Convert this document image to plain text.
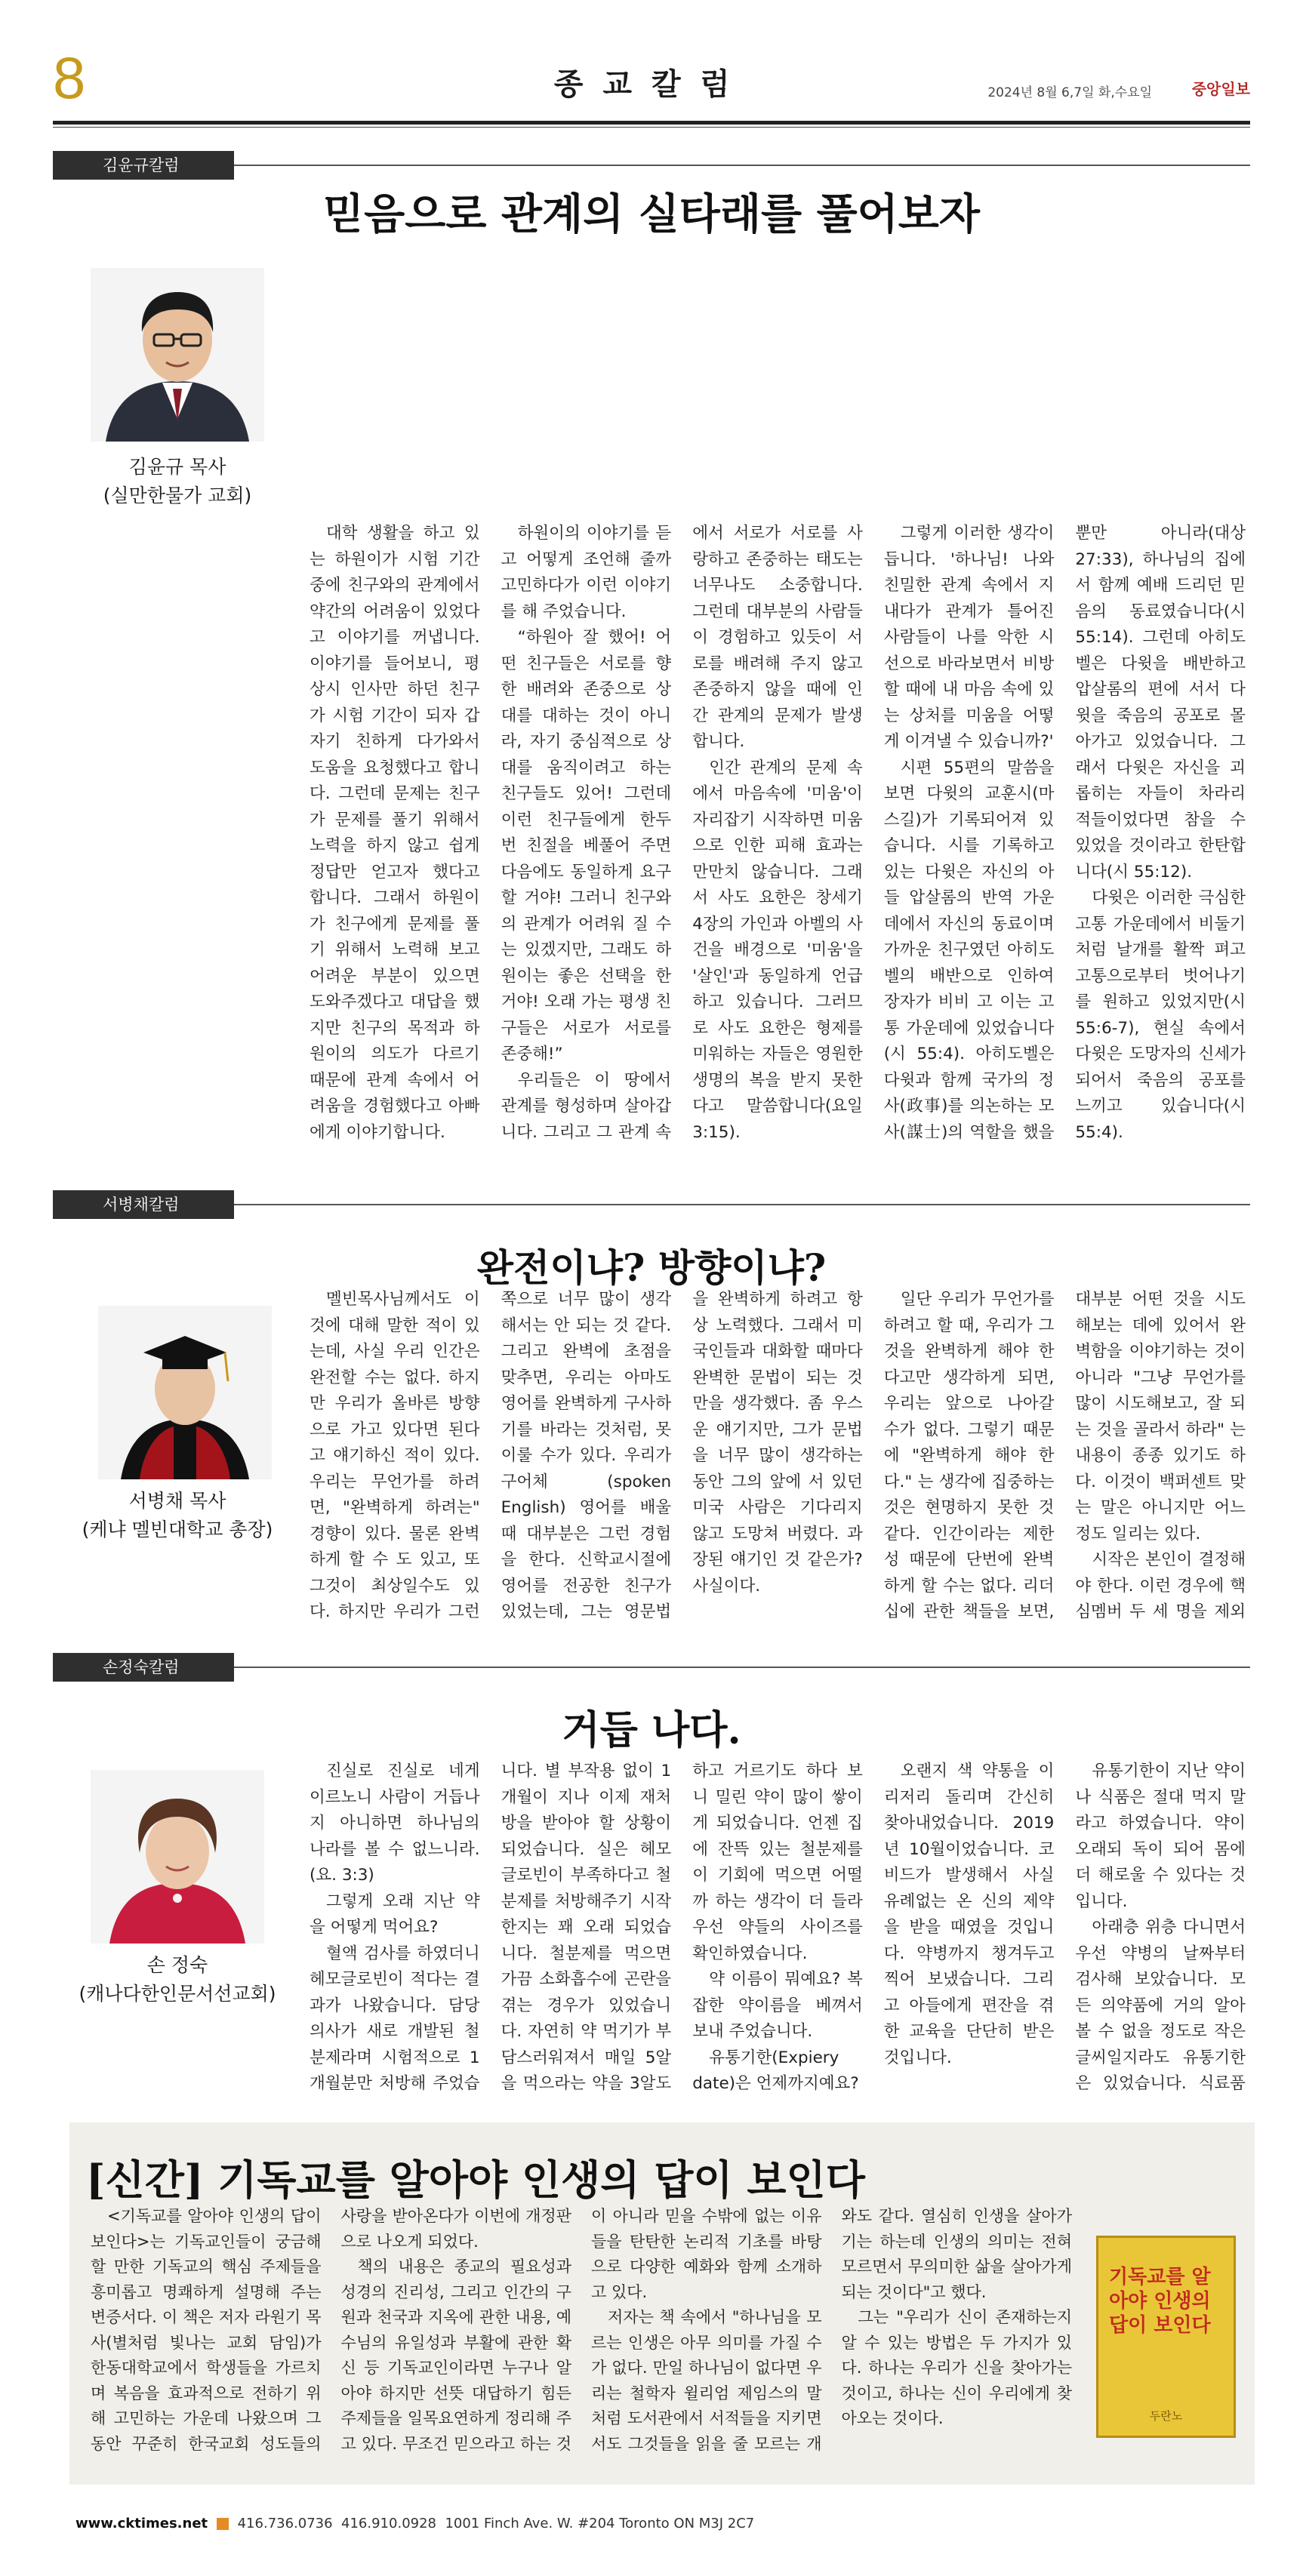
8	종교칼럼	2024년 8월 6,7일 화,수요일	중앙일보
김윤규칼럼
믿음으로 관계의 실타래를 풀어보자
김윤규 목사
(실만한물가 교회)

대학 생활을 하고 있는 하원이가 시험 기간 중에 친구와의 관계에서 약간의 어려움이 있었다고 이야기를 꺼냅니다. 이야기를 들어보니, 평상시 인사만 하던 친구가 시험 기간이 되자 갑자기 친하게 다가와서 도움을 요청했다고 합니다. 그런데 문제는 친구가 문제를 풀기 위해서 노력을 하지 않고 쉽게 정답만 얻고자 했다고 합니다. 그래서 하원이가 친구에게 문제를 풀기 위해서 노력해 보고 어려운 부분이 있으면 도와주겠다고 대답을 했지만 친구의 목적과 하원이의 의도가 다르기 때문에 관계 속에서 어려움을 경험했다고 아빠에게 이야기합니다.

하원이의 이야기를 듣고 어떻게 조언해 줄까 고민하다가 이런 이야기를 해 주었습니다.

“하원아 잘 했어! 어떤 친구들은 서로를 향한 배려와 존중으로 상대를 대하는 것이 아니라, 자기 중심적으로 상대를 움직이려고 하는 친구들도 있어! 그런데 이런 친구들에게 한두 번 친절을 베풀어 주면 다음에도 동일하게 요구할 거야! 그러니 친구와의 관계가 어려워 질 수는 있겠지만, 그래도 하원이는 좋은 선택을 한 거야! 오래 가는 평생 친구들은 서로가 서로를 존중해!”

우리들은 이 땅에서 관계를 형성하며 살아갑니다. 그리고 그 관계 속에서 서로가 서로를 사랑하고 존중하는 태도는 너무나도 소중합니다. 그런데 대부분의 사람들이 경험하고 있듯이 서로를 배려해 주지 않고 존중하지 않을 때에 인간 관계의 문제가 발생합니다.

인간 관계의 문제 속에서 마음속에 '미움'이 자리잡기 시작하면 미움으로 인한 피해 효과는 만만치 않습니다. 그래서 사도 요한은 창세기 4장의 가인과 아벨의 사건을 배경으로 '미움'을 '살인'과 동일하게 언급하고 있습니다. 그러므로 사도 요한은 형제를 미워하는 자들은 영원한 생명의 복을 받지 못한다고 말씀합니다(요일 3:15).

그렇게 이러한 생각이 듭니다. '하나님! 나와 친밀한 관계 속에서 지내다가 관계가 틀어진 사람들이 나를 악한 시선으로 바라보면서 비방할 때에 내 마음 속에 있는 상처를 미움을 어떻게 이겨낼 수 있습니까?'

시편 55편의 말씀을 보면 다윗의 교훈시(마스길)가 기록되어져 있습니다. 시를 기록하고 있는 다윗은 자신의 아들 압살롬의 반역 가운데에서 자신의 동료이며 가까운 친구였던 아히도벨의 배반으로 인하여 장자가 비비 고 이는 고통 가운데에 있었습니다(시 55:4). 아히도벨은 다윗과 함께 국가의 정사(政事)를 의논하는 모사(謀士)의 역할을 했을 뿐만 아니라(대상 27:33), 하나님의 집에서 함께 예배 드리던 믿음의 동료였습니다(시 55:14). 그런데 아히도벨은 다윗을 배반하고 압살롬의 편에 서서 다윗을 죽음의 공포로 몰아가고 있었습니다. 그래서 다윗은 자신을 괴롭히는 자들이 차라리 적들이었다면 참을 수 있었을 것이라고 한탄합니다(시 55:12).

다윗은 이러한 극심한 고통 가운데에서 비둘기처럼 날개를 활짝 펴고 고통으로부터 벗어나기를 원하고 있었지만(시 55:6-7), 현실 속에서 다윗은 도망자의 신세가 되어서 죽음의 공포를 느끼고 있습니다(시 55:4).

서병채칼럼
완전이냐? 방향이냐?
서병채 목사
(케냐 멜빈대학교 총장)

멜빈목사님께서도 이것에 대해 말한 적이 있는데, 사실 우리 인간은 완전할 수는 없다. 하지만 우리가 올바른 방향으로 가고 있다면 된다고 얘기하신 적이 있다. 우리는 무언가를 하려면, "완벽하게 하려는" 경향이 있다. 물론 완벽하게 할 수 도 있고, 또 그것이 최상일수도 있다. 하지만 우리가 그런 쪽으로 너무 많이 생각해서는 안 되는 것 같다. 그리고 완벽에 초점을 맞추면, 우리는 아마도 영어를 완벽하게 구사하기를 바라는 것처럼, 못 이룰 수가 있다. 우리가 구어체 (spoken English) 영어를 배울 때 대부분은 그런 경험을 한다. 신학교시절에 영어를 전공한 친구가 있었는데, 그는 영문법을 완벽하게 하려고 항상 노력했다. 그래서 미국인들과 대화할 때마다 완벽한 문법이 되는 것만을 생각했다. 좀 우스운 얘기지만, 그가 문법을 너무 많이 생각하는 동안 그의 앞에 서 있던 미국 사람은 기다리지 않고 도망쳐 버렸다. 과장된 얘기인 것 같은가? 사실이다.

일단 우리가 무언가를 하려고 할 때, 우리가 그것을 완벽하게 해야 한다고만 생각하게 되면, 우리는 앞으로 나아갈 수가 없다. 그렇기 때문에 "완벽하게 해야 한다." 는 생각에 집중하는 것은 현명하지 못한 것 같다. 인간이라는 제한성 때문에 단번에 완벽하게 할 수는 없다. 리더십에 관한 책들을 보면, 대부분 어떤 것을 시도해보는 데에 있어서 완벽함을 이야기하는 것이 아니라 "그냥 무언가를 많이 시도해보고, 잘 되는 것을 골라서 하라" 는 내용이 종종 있기도 하다. 이것이 백퍼센트 맞는 말은 아니지만 어느 정도 일리는 있다.

시작은 본인이 결정해야 한다. 이런 경우에 핵심멤버 두 세 명을 제외

손정숙칼럼
거듭 나다.
손 정숙
(캐나다한인문서선교회)

진실로 진실로 네게 이르노니 사람이 거듭나지 아니하면 하나님의 나라를 볼 수 없느니라. (요. 3:3)

그렇게 오래 지난 약을 어떻게 먹어요?

혈액 검사를 하였더니 헤모글로빈이 적다는 결과가 나왔습니다. 담당의사가 새로 개발된 철분제라며 시험적으로 1개월분만 처방해 주었습니다. 별 부작용 없이 1개월이 지나 이제 재처방을 받아야 할 상황이 되었습니다. 실은 헤모글로빈이 부족하다고 철분제를 처방해주기 시작한지는 꽤 오래 되었습니다. 철분제를 먹으면 가끔 소화흡수에 곤란을 겪는 경우가 있었습니다. 자연히 약 먹기가 부담스러워져서 매일 5알을 먹으라는 약을 3알도 하고 거르기도 하다 보니 밀린 약이 많이 쌓이게 되었습니다. 언젠 집에 잔뜩 있는 철분제를 이 기회에 먹으면 어떨까 하는 생각이 더 들라 우선 약들의 사이즈를 확인하였습니다.

약 이름이 뭐예요? 복잡한 약이름을 베껴서 보내 주었습니다.

유통기한(Expiery date)은 언제까지예요?

오랜지 색 약통을 이리저리 돌리며 간신히 찾아내었습니다. 2019년 10월이었습니다. 코비드가 발생해서 사실 유례없는 온 신의 제약을 받을 때였을 것입니다. 약병까지 챙겨두고 찍어 보냈습니다. 그리고 아들에게 편잔을 겪한 교육을 단단히 받은 것입니다.

유통기한이 지난 약이나 식품은 절대 먹지 말라고 하였습니다. 약이 오래되 독이 되어 몸에 더 해로울 수 있다는 것입니다.

아래층 위층 다니면서 우선 약병의 날짜부터 검사해 보았습니다. 모든 의약품에 거의 알아 볼 수 없을 정도로 작은 글씨일지라도 유통기한은 있었습니다. 식료품

[신간] 기독교를 알아야 인생의 답이 보인다

<기독교를 알아야 인생의 답이 보인다>는 기독교인들이 궁금해 할 만한 기독교의 핵심 주제들을 흥미롭고 명쾌하게 설명해 주는 변증서다. 이 책은 저자 라원기 목사(별처럼 빛나는 교회 담임)가 한동대학교에서 학생들을 가르치며 복음을 효과적으로 전하기 위해 고민하는 가운데 나왔으며 그동안 꾸준히 한국교회 성도들의 사랑을 받아온다가 이번에 개정판으로 나오게 되었다.

책의 내용은 종교의 필요성과 성경의 진리성, 그리고 인간의 구원과 천국과 지옥에 관한 내용, 예수님의 유일성과 부활에 관한 확신 등 기독교인이라면 누구나 알아야 하지만 선뜻 대답하기 힘든 주제들을 일목요연하게 정리해 주고 있다. 무조건 믿으라고 하는 것이 아니라 믿을 수밖에 없는 이유들을 탄탄한 논리적 기초를 바탕으로 다양한 예화와 함께 소개하고 있다.

저자는 책 속에서 "하나님을 모르는 인생은 아무 의미를 가질 수가 없다. 만일 하나님이 없다면 우리는 철학자 윌리엄 제임스의 말처럼 도서관에서 서적들을 지키면서도 그것들을 읽을 줄 모르는 개와도 같다. 열심히 인생을 살아가기는 하는데 인생의 의미는 전혀 모르면서 무의미한 삶을 살아가게 되는 것이다"고 했다.

그는 "우리가 신이 존재하는지 알 수 있는 방법은 두 가지가 있다. 하나는 우리가 신을 찾아가는 것이고, 하나는 신이 우리에게 찾아오는 것이다.

기독교를 알아야 인생의 답이 보인다
두란노
www.cktimes.net 416.736.0736 416.910.0928 1001 Finch Ave. W. #204 Toronto ON M3J 2C7
